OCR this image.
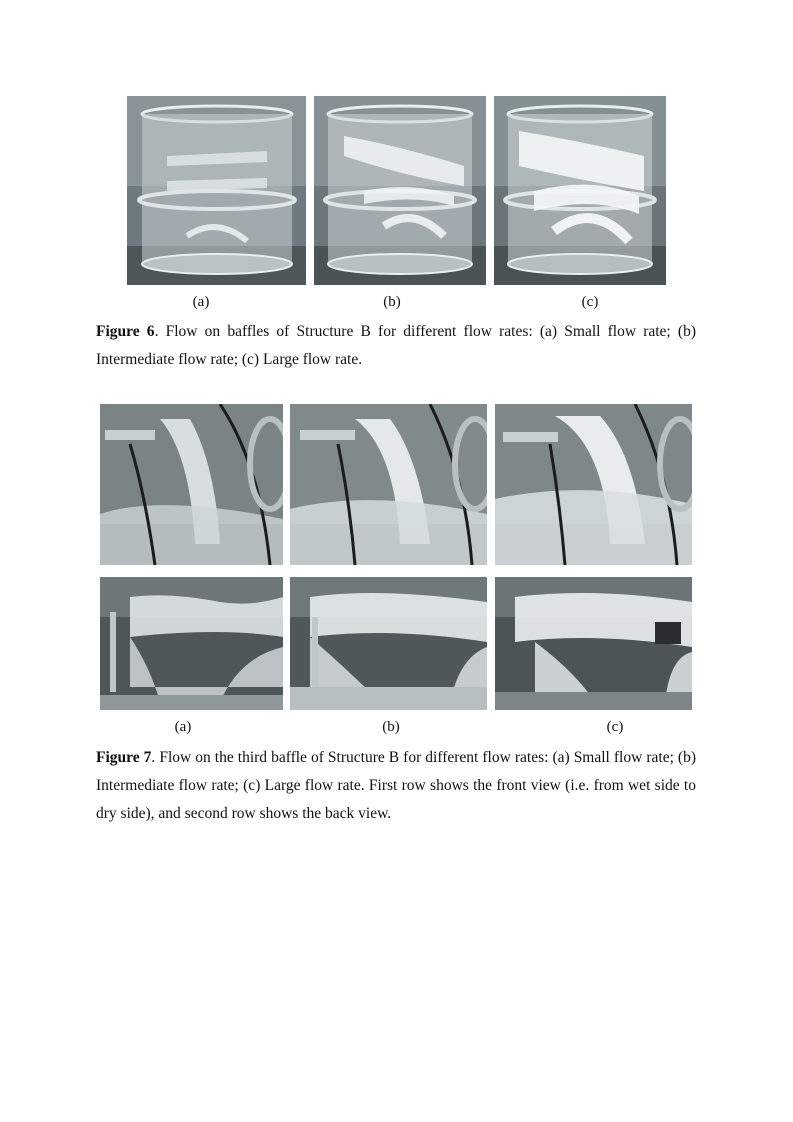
(a)	(b)	(c)
Figure 6. Flow on baffles of Structure B for different flow rates: (a) Small flow rate; (b) Intermediate flow rate; (c) Large flow rate.
(a)	(b)	(c)
Figure 7. Flow on the third baffle of Structure B for different flow rates: (a) Small flow rate; (b) Intermediate flow rate; (c) Large flow rate. First row shows the front view (i.e. from wet side to dry side), and second row shows the back view.
